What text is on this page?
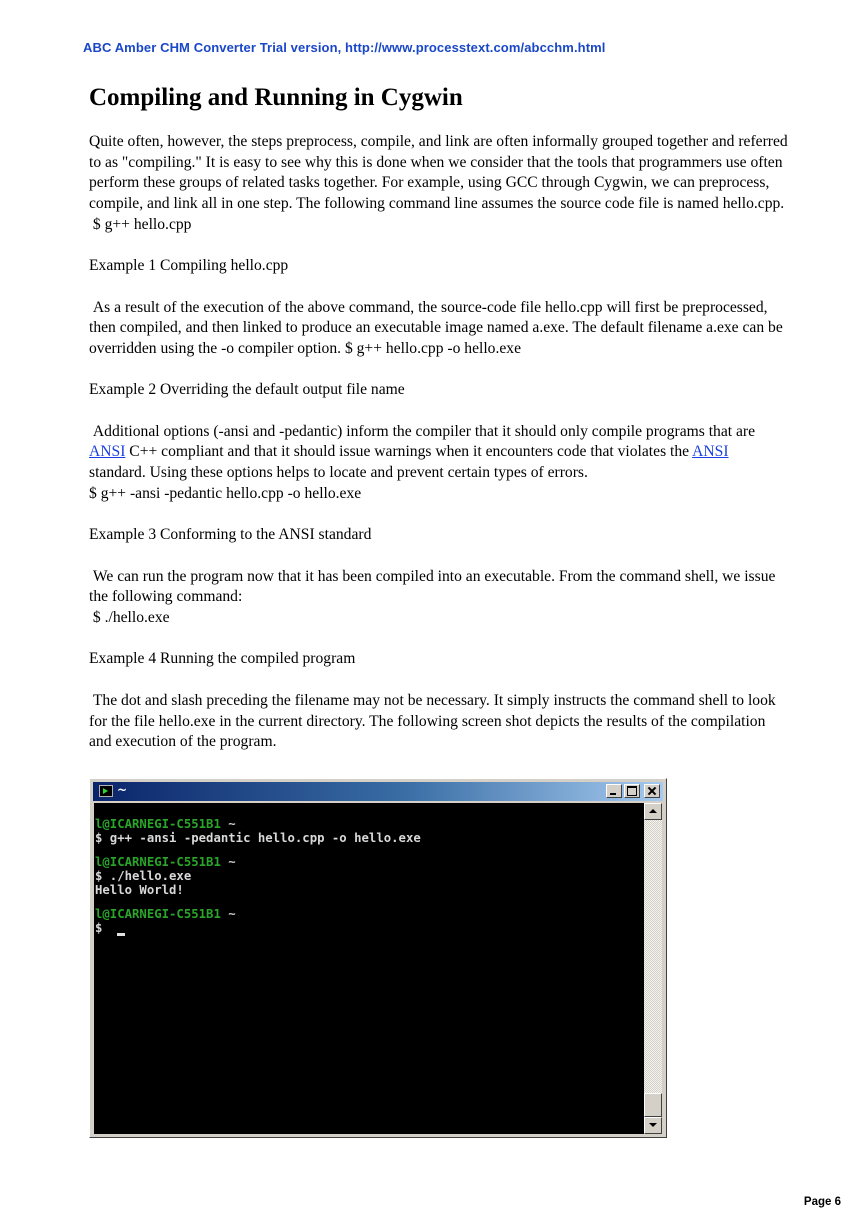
ABC Amber CHM Converter Trial version, http://www.processtext.com/abcchm.html
Compiling and Running in Cygwin

Quite often, however, the steps preprocess, compile, and link are often informally grouped together and referred to as "compiling." It is easy to see why this is done when we consider that the tools that programmers use often perform these groups of related tasks together. For example, using GCC through Cygwin, we can preprocess, compile, and link all in one step. The following command line assumes the source code file is named hello.cpp.

$ g++ hello.cpp

Example 1 Compiling hello.cpp

As a result of the execution of the above command, the source-code file hello.cpp will first be preprocessed, then compiled, and then linked to produce an executable image named a.exe. The default filename a.exe can be overridden using the -o compiler option. $ g++ hello.cpp -o hello.exe

Example 2 Overriding the default output file name

Additional options (-ansi and -pedantic) inform the compiler that it should only compile programs that are ANSI C++ compliant and that it should issue warnings when it encounters code that violates the ANSI standard. Using these options helps to locate and prevent certain types of errors.

$ g++ -ansi -pedantic hello.cpp -o hello.exe

Example 3 Conforming to the ANSI standard

We can run the program now that it has been compiled into an executable. From the command shell, we issue the following command:

$ ./hello.exe

Example 4 Running the compiled program

The dot and slash preceding the filename may not be necessary. It simply instructs the command shell to look for the file hello.exe in the current directory. The following screen shot depicts the results of the compilation and execution of the program.

~
l@ICARNEGI-C551B1 ~
$ g++ -ansi -pedantic hello.cpp -o hello.exe
l@ICARNEGI-C551B1 ~
$ ./hello.exe
Hello World!
l@ICARNEGI-C551B1 ~
$
Page 6
